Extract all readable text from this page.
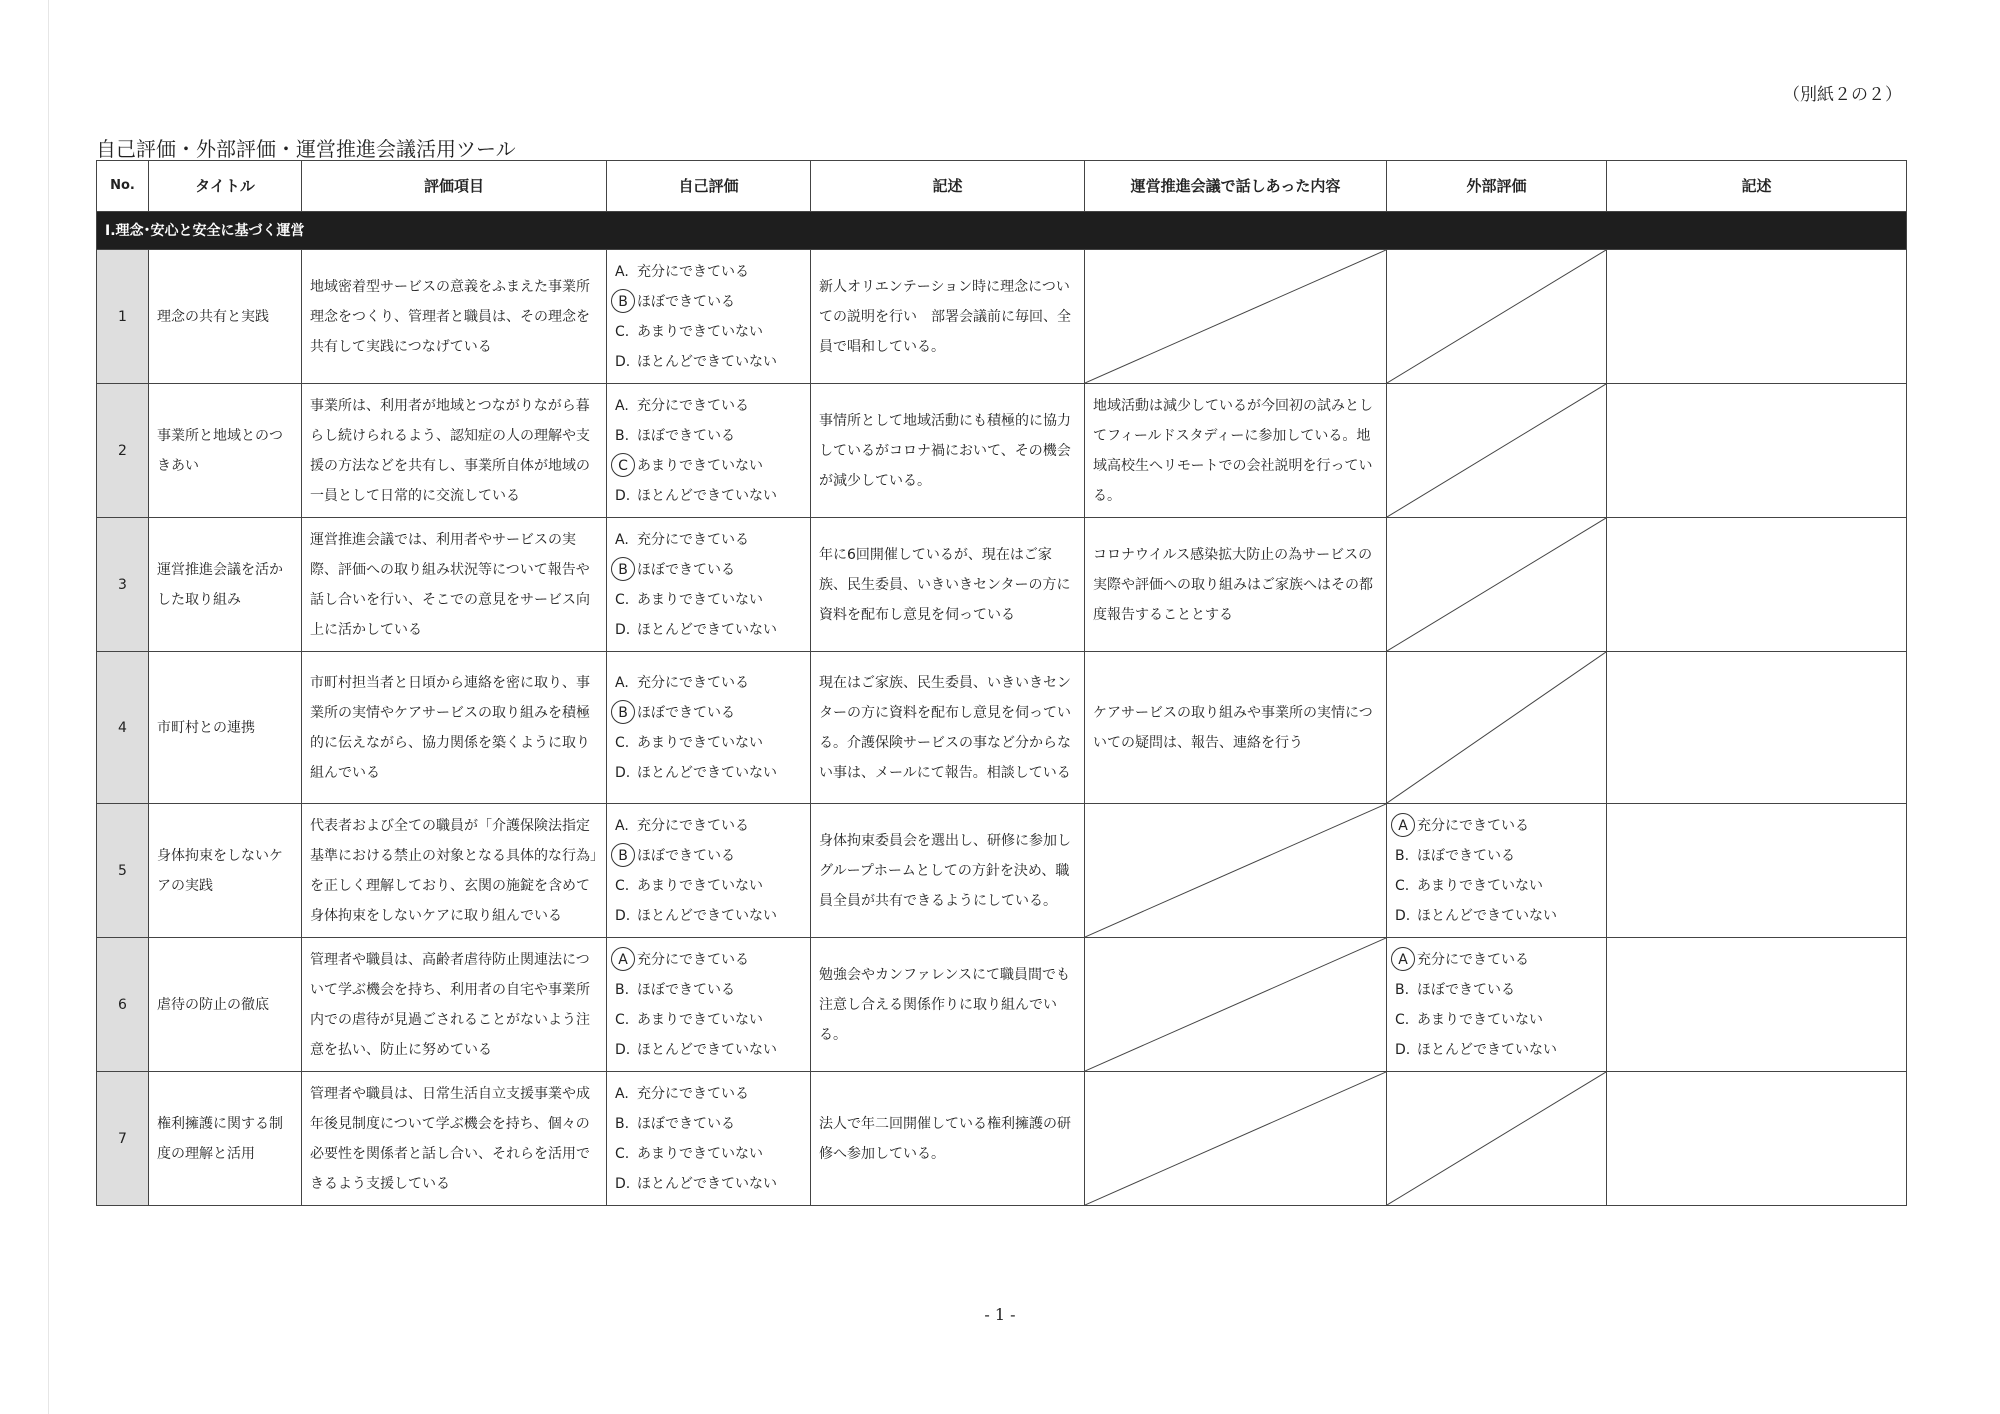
（別紙２の２）
自己評価・外部評価・運営推進会議活用ツール
No.	タイトル	評価項目	自己評価	記述	運営推進会議で話しあった内容	外部評価	記述
Ⅰ.理念･安心と安全に基づく運営							
1	理念の共有と実践	地域密着型サービスの意義をふまえた事業所理念をつくり、管理者と職員は、その理念を共有して実践につなげている	A. 充分にできている
B ほぼできている
C. あまりできていない
D. ほとんどできていない	新人オリエンテーション時に理念についての説明を行い　部署会議前に毎回、全員で唱和している。	

2	事業所と地域とのつきあい	事業所は、利用者が地域とつながりながら暮らし続けられるよう、認知症の人の理解や支援の方法などを共有し、事業所自体が地域の一員として日常的に交流している	A. 充分にできている
B. ほぼできている
C あまりできていない
D. ほとんどできていない	事情所として地域活動にも積極的に協力しているがコロナ禍において、その機会が減少している。	地域活動は減少しているが今回初の試みとしてフィールドスタディーに参加している。地域高校生へリモートでの会社説明を行っている。	

3	運営推進会議を活かした取り組み	運営推進会議では、利用者やサービスの実際、評価への取り組み状況等について報告や話し合いを行い、そこでの意見をサービス向上に活かしている	A. 充分にできている
B ほぼできている
C. あまりできていない
D. ほとんどできていない	年に6回開催しているが、現在はご家族、民生委員、いきいきセンターの方に資料を配布し意見を伺っている	コロナウイルス感染拡大防止の為サービスの実際や評価への取り組みはご家族へはその都度報告することとする	

4	市町村との連携	市町村担当者と日頃から連絡を密に取り、事業所の実情やケアサービスの取り組みを積極的に伝えながら、協力関係を築くように取り組んでいる	A. 充分にできている
B ほぼできている
C. あまりできていない
D. ほとんどできていない	現在はご家族、民生委員、いきいきセンターの方に資料を配布し意見を伺っている。介護保険サービスの事など分からない事は、メールにて報告。相談している	ケアサービスの取り組みや事業所の実情についての疑問は、報告、連絡を行う	

5	身体拘束をしないケアの実践	代表者および全ての職員が「介護保険法指定基準における禁止の対象となる具体的な行為」を正しく理解しており、玄関の施錠を含めて身体拘束をしないケアに取り組んでいる	A. 充分にできている
B ほぼできている
C. あまりできていない
D. ほとんどできていない	身体拘束委員会を選出し、研修に参加しグループホームとしての方針を決め、職員全員が共有できるようにしている。		A 充分にできている
B. ほぼできている
C. あまりできていない
D. ほとんどできていない	

6	虐待の防止の徹底	管理者や職員は、高齢者虐待防止関連法について学ぶ機会を持ち、利用者の自宅や事業所内での虐待が見過ごされることがないよう注意を払い、防止に努めている	A 充分にできている
B. ほぼできている
C. あまりできていない
D. ほとんどできていない	勉強会やカンファレンスにて職員間でも注意し合える関係作りに取り組んでいる。		A 充分にできている
B. ほぼできている
C. あまりできていない
D. ほとんどできていない	

7	権利擁護に関する制度の理解と活用	管理者や職員は、日常生活自立支援事業や成年後見制度について学ぶ機会を持ち、個々の必要性を関係者と話し合い、それらを活用できるよう支援している	A. 充分にできている
B. ほぼできている
C. あまりできていない
D. ほとんどできていない	法人で年二回開催している権利擁護の研修へ参加している。	

- 1 -
